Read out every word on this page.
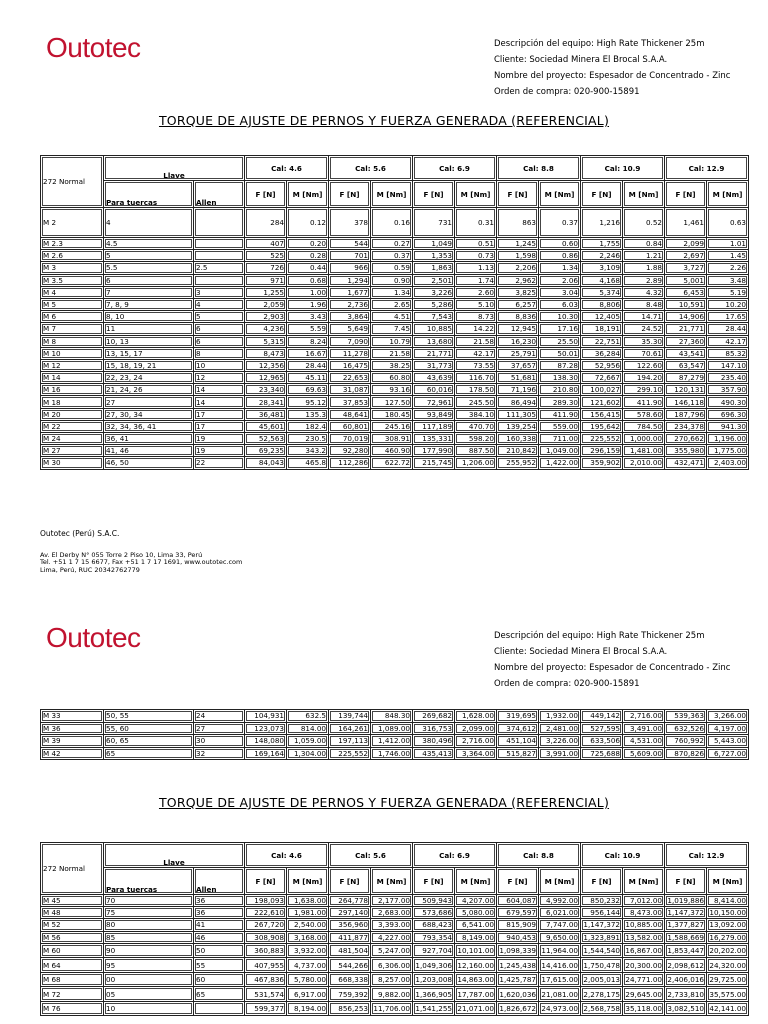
Outotec	Descripción del equipo: High Rate Thickener 25m
Cliente: Sociedad Minera El Brocal S.A.A.
Nombre del proyecto: Espesador de Concentrado - Zinc
Orden de compra: 020-900-15891
TORQUE DE AJUSTE DE PERNOS Y FUERZA GENERADA (REFERENCIAL)
272 Normal	Llave		Cal: 4.6		Cal: 5.6		Cal: 6.9		Cal: 8.8		Cal: 10.9		Cal: 12.9	
	Para tuercas	Allen	F [N]	M [Nm]	F [N]	M [Nm]	F [N]	M [Nm]	F [N]	M [Nm]	F [N]	M [Nm]	F [N]	M [Nm]
M 2	4		284	0.12	378	0.16	731	0.31	863	0.37	1,216	0.52	1,461	0.63
M 2.3	4.5		407	0.20	544	0.27	1,049	0.51	1,245	0.60	1,755	0.84	2,099	1.01
M 2.6	5		525	0.28	701	0.37	1,353	0.73	1,598	0.86	2,246	1.21	2,697	1.45
M 3	5.5	2.5	726	0.44	966	0.59	1,863	1.13	2,206	1.34	3,109	1.88	3,727	2.26
M 3.5	6		971	0.68	1,294	0.90	2,501	1.74	2,962	2.06	4,168	2.89	5,001	3.48
M 4	7	3	1,255	1.00	1,677	1.34	3,226	2.60	3,825	3.04	5,374	4.32	6,453	5.19
M 5	7, 8, 9	4	2,059	1.96	2,736	2.65	5,286	5.10	6,257	6.03	8,806	8.48	10,591	10.20
M 6	8, 10	5	2,903	3.43	3,864	4.51	7,543	8.73	8,836	10.30	12,405	14.71	14,906	17.65
M 7	11	6	4,236	5.59	5,649	7.45	10,885	14.22	12,945	17.16	18,191	24.52	21,771	28.44
M 8	10, 13	6	5,315	8.24	7,090	10.79	13,680	21.58	16,230	25.50	22,751	35.30	27,360	42.17
M 10	13, 15, 17	8	8,473	16.67	11,278	21.58	21,771	42.17	25,791	50.01	36,284	70.61	43,541	85.32
M 12	15, 18, 19, 21	10	12,356	28.44	16,475	38.25	31,773	73.55	37,657	87.28	52,956	122.60	63,547	147.10
M 14	22, 23, 24	12	12,965	45.11	22,653	60.80	43,639	116.70	51,681	138.30	72,667	194.20	87,279	235.40
M 16	21, 24, 26	14	23,340	69.63	31,087	93.16	60,016	178.50	71,196	210.80	100,027	299.10	120,131	357.90
M 18	27	14	28,341	95.12	37,853	127.50	72,961	245.50	86,494	289.30	121,602	411.90	146,118	490.30
M 20	27, 30, 34	17	36,481	135.3	48,641	180.45	93,849	384.10	111,305	411.90	156,415	578.60	187,796	696.30
M 22	32, 34, 36, 41	17	45,601	182.4	60,801	245.16	117,189	470.70	139,254	559.00	195,642	784.50	234,378	941.30
M 24	36, 41	19	52,563	230.5	70,019	308.91	135,331	598.20	160,338	711.00	225,552	1,000.00	270,662	1,196.00
M 27	41, 46	19	69,235	343.2	92,280	460.90	177,990	887.50	210,842	1,049.00	296,159	1,481.00	355,980	1,775.00
M 30	46, 50	22	84,043	465.8	112,286	622.72	215,745	1,206.00	255,952	1,422.00	359,902	2,010.00	432,471	2,403.00
Outotec (Perú) S.A.C.
Av. El Derby N° 055 Torre 2 Piso 10, Lima 33, Perú
Tel. +51 1 7 15 6677, Fax +51 1 7 17 1691, www.outotec.com
Lima, Perú, RUC 20342762779
Outotec	Descripción del equipo: High Rate Thickener 25m
Cliente: Sociedad Minera El Brocal S.A.A.
Nombre del proyecto: Espesador de Concentrado - Zinc
Orden de compra: 020-900-15891
M 33	50, 55	24	104,931	632.5	139,744	848.30	269,682	1,628.00	319,695	1,932.00	449,142	2,716.00	539,363	3,266.00
M 36	55, 60	27	123,073	814.00	164,261	1,089.00	316,753	2,099.00	374,612	2,481.00	527,595	3,491.00	632,526	4,197.00
M 39	60, 65	30	148,080	1,059.00	197,113	1,412.00	380,496	2,716.00	451,104	3,226.00	633,506	4,531.00	760,992	5,443.00
M 42	65	32	169,164	1,304.00	225,552	1,746.00	435,413	3,364.00	515,827	3,991.00	725,688	5,609.00	870,826	6,727.00
TORQUE DE AJUSTE DE PERNOS Y FUERZA GENERADA (REFERENCIAL)
272 Normal	Llave		Cal: 4.6		Cal: 5.6		Cal: 6.9		Cal: 8.8		Cal: 10.9		Cal: 12.9	
	Para tuercas	Allen	F [N]	M [Nm]	F [N]	M [Nm]	F [N]	M [Nm]	F [N]	M [Nm]	F [N]	M [Nm]	F [N]	M [Nm]
M 45	70	36	198,093	1,638.00	264,778	2,177.00	509,943	4,207.00	604,087	4,992.00	850,232	7,012.00	1,019,886	8,414.00
M 48	75	36	222,610	1,981.00	297,140	2,683.00	573,686	5,080.00	679,597	6,021.00	956,144	8,473.00	1,147,372	10,150.00
M 52	80	41	267,720	2,540.00	356,960	3,393.00	688,423	6,541.00	815,909	7,747.00	1,147,372	10,885.00	1,377,827	13,092.00
M 56	85	46	308,908	3,168.00	411,877	4,227.00	793,354	8,149.00	940,453	9,650.00	1,323,891	13,582.00	1,588,669	16,279.00
M 60	90	50	360,883	3,932.00	481,504	5,247.00	927,704	10,101.00	1,098,339	11,964.00	1,544,540	16,867.00	1,853,447	20,202.00
M 64	95	55	407,955	4,737.00	544,266	6,306.00	1,049,306	12,160.00	1,245,438	14,416.00	1,750,478	20,300.00	2,098,612	24,320.00
M 68	00	60	467,836	5,780.00	668,338	8,257.00	1,203,008	14,863.00	1,425,787	17,615.00	2,005,013	24,771.00	2,406,016	29,725.00
M 72	05	65	531,574	6,917.00	759,392	9,882.00	1,366,905	17,787.00	1,620,036	21,081.00	2,278,175	29,645.00	2,733,810	35,575.00
M 76	10		599,377	8,194.00	856,253	11,706.00	1,541,255	21,071.00	1,826,672	24,973.00	2,568,758	35,118.00	3,082,510	42,141.00
